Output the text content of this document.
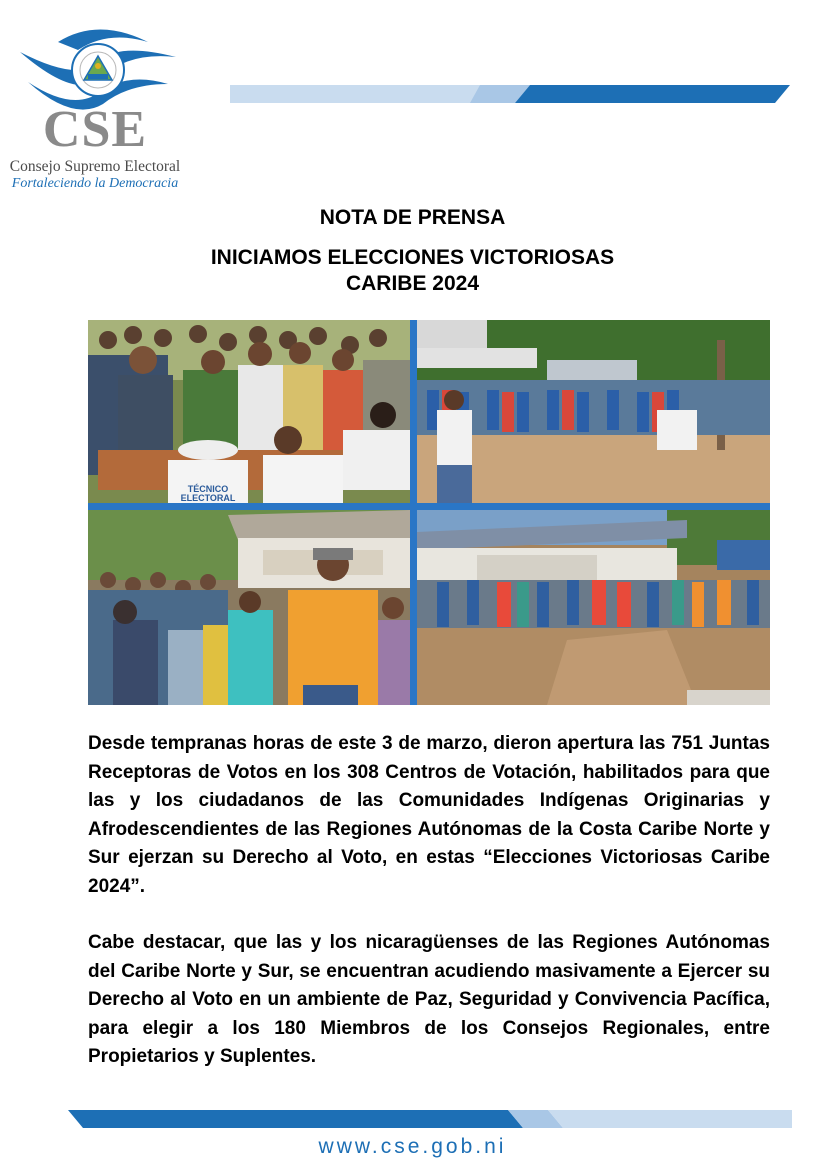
CSE
Consejo Supremo Electoral
Fortaleciendo la Democracia
NOTA DE PRENSA
INICIAMOS ELECCIONES VICTORIOSAS
CARIBE 2024
TÉCNICO
ELECTORAL
Desde tempranas horas de este 3 de marzo, dieron apertura las 751 Juntas Receptoras de Votos en los 308 Centros de Votación, habilitados para que las y los ciudadanos de las Comunidades Indígenas Originarias y Afrodescendientes de las Regiones Autónomas de la Costa Caribe Norte y Sur ejerzan su Derecho al Voto, en estas “Elecciones Victoriosas Caribe 2024”.
Cabe destacar, que las y los nicaragüenses de las Regiones Autónomas del Caribe Norte y Sur, se encuentran acudiendo masivamente a Ejercer su Derecho al Voto en un ambiente de Paz, Seguridad y Convivencia Pacífica, para elegir a los 180 Miembros de los Consejos Regionales, entre Propietarios y Suplentes.
www.cse.gob.ni
